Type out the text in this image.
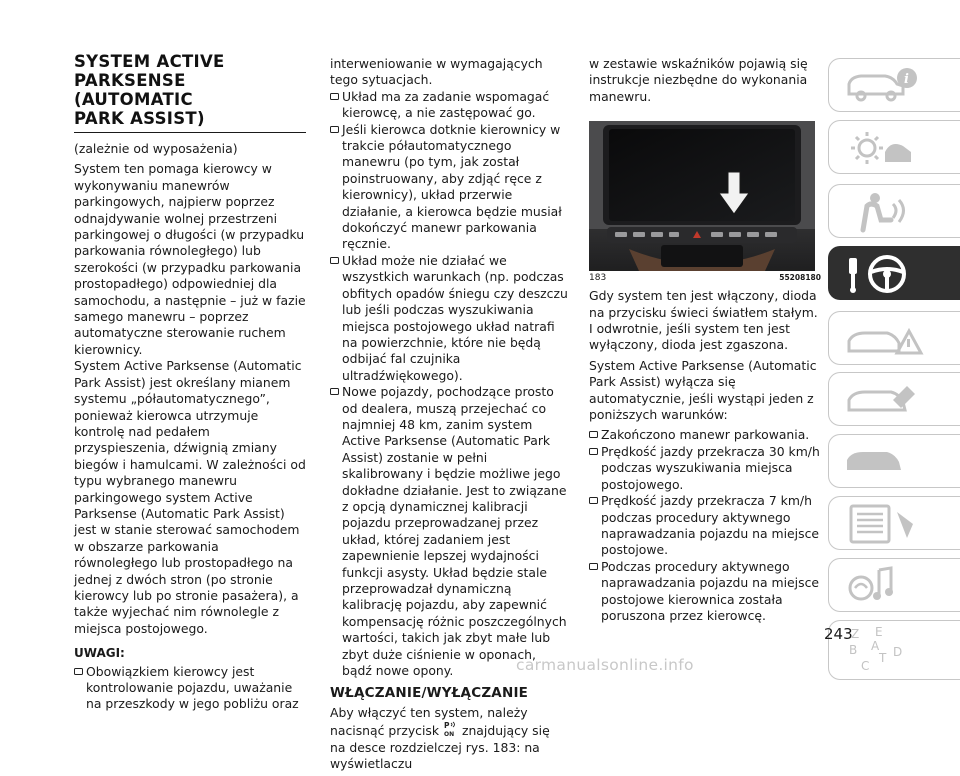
SYSTEM ACTIVE
PARKSENSE (AUTOMATIC
PARK ASSIST)

(zależnie od wyposażenia)

System ten pomaga kierowcy w wykonywaniu manewrów parkingowych, najpierw poprzez odnajdywanie wolnej przestrzeni parkingowej o długości (w przypadku parkowania równoległego) lub szerokości (w przypadku parkowania prostopadłego) odpowiedniej dla samochodu, a następnie – już w fazie samego manewru – poprzez automatyczne sterowanie ruchem kierownicy.

System Active Parksense (Automatic Park Assist) jest określany mianem systemu „półautomatycznego”, ponieważ kierowca utrzymuje kontrolę nad pedałem przyspieszenia, dźwignią zmiany biegów i hamulcami. W zależności od typu wybranego manewru parkingowego system Active Parksense (Automatic Park Assist) jest w stanie sterować samochodem w obszarze parkowania równoległego lub prostopadłego na jednej z dwóch stron (po stronie kierowcy lub po stronie pasażera), a także wyjechać nim równolegle z miejsca postojowego.

UWAGI:
Obowiązkiem kierowcy jest kontrolowanie pojazdu, uważanie na przeszkody w jego pobliżu oraz

interweniowanie w wymagających tego sytuacjach.

Układ ma za zadanie wspomagać kierowcę, a nie zastępować go.
Jeśli kierowca dotknie kierownicy w trakcie półautomatycznego manewru (po tym, jak został poinstruowany, aby zdjąć ręce z kierownicy), układ przerwie działanie, a kierowca będzie musiał dokończyć manewr parkowania ręcznie.
Układ może nie działać we wszystkich warunkach (np. podczas obfitych opadów śniegu czy deszczu lub jeśli podczas wyszukiwania miejsca postojowego układ natrafi na powierzchnie, które nie będą odbijać fal czujnika ultradźwiękowego).
Nowe pojazdy, pochodzące prosto od dealera, muszą przejechać co najmniej 48 km, zanim system Active Parksense (Automatic Park Assist) zostanie w pełni skalibrowany i będzie możliwe jego dokładne działanie. Jest to związane z opcją dynamicznej kalibracji pojazdu przeprowadzanej przez układ, której zadaniem jest zapewnienie lepszej wydajności funkcji asysty. Układ będzie stale przeprowadzał dynamiczną kalibrację pojazdu, aby zapewnić kompensację różnic poszczególnych wartości, takich jak zbyt małe lub zbyt duże ciśnienie w oponach, bądź nowe opony.
WŁĄCZANIE/WYŁĄCZANIE

Aby włączyć ten system, należy nacisnąć przycisk P
ON znajdujący się na desce rozdzielczej rys. 183: na wyświetlaczu

w zestawie wskaźników pojawią się instrukcje niezbędne do wykonania manewru.

183	55208180

Gdy system ten jest włączony, dioda na przycisku świeci światłem stałym. I odwrotnie, jeśli system ten jest wyłączony, dioda jest zgaszona.

System Active Parksense (Automatic Park Assist) wyłącza się automatycznie, jeśli wystąpi jeden z poniższych warunków:

Zakończono manewr parkowania.
Prędkość jazdy przekracza 30 km/h podczas wyszukiwania miejsca postojowego.
Prędkość jazdy przekracza 7 km/h podczas procedury aktywnego naprawadzania pojazdu na miejsce postojowe.
Podczas procedury aktywnego naprawadzania pojazdu na miejsce postojowe kierownica została poruszona przez kierowcę.
i
Z E
B A
C
T D
243
carmanualsonline.info
